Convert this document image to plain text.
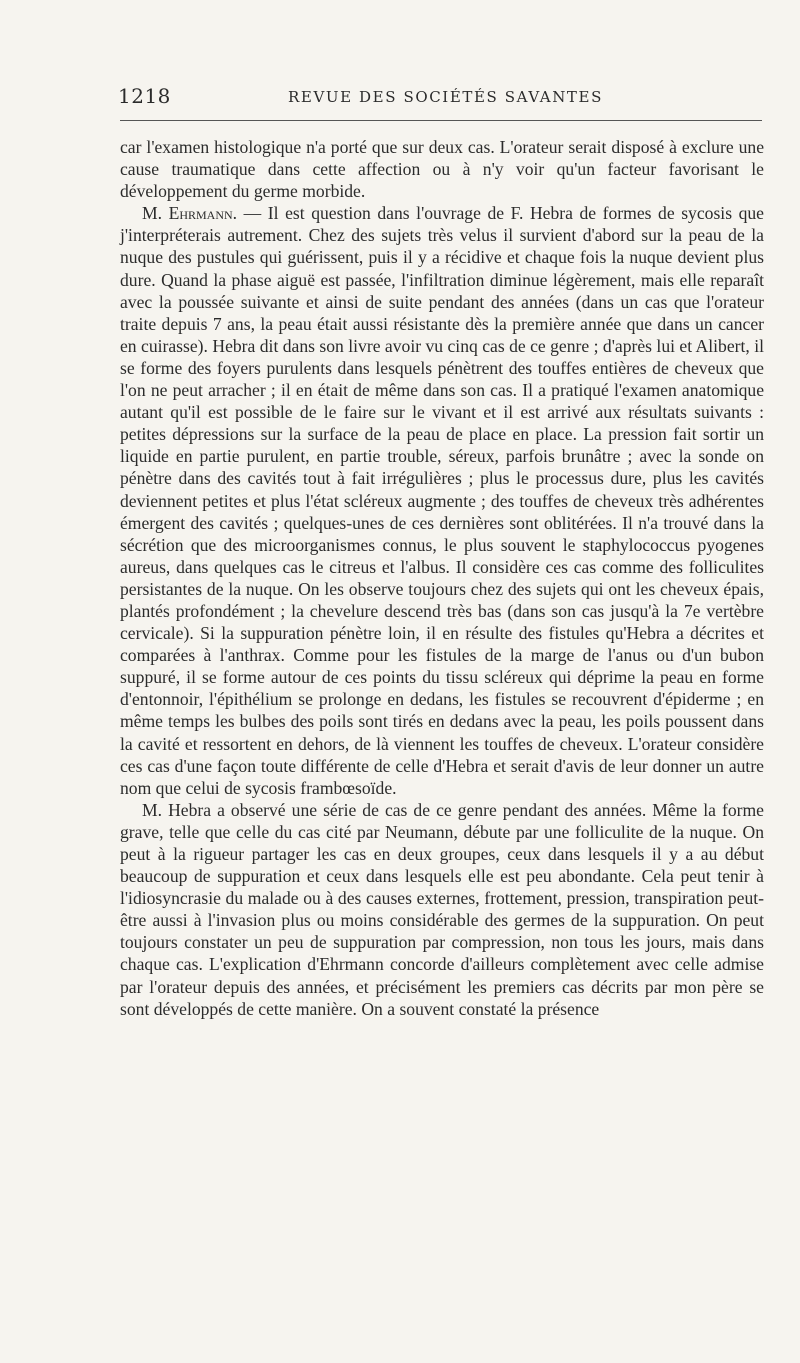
1218	REVUE DES SOCIÉTÉS SAVANTES

car l'examen histologique n'a porté que sur deux cas. L'orateur serait disposé à exclure une cause traumatique dans cette affection ou à n'y voir qu'un facteur favorisant le développement du germe morbide.

M. Ehrmann. — Il est question dans l'ouvrage de F. Hebra de formes de sycosis que j'interpréterais autrement. Chez des sujets très velus il survient d'abord sur la peau de la nuque des pustules qui guérissent, puis il y a récidive et chaque fois la nuque devient plus dure. Quand la phase aiguë est passée, l'infiltration diminue légèrement, mais elle reparaît avec la poussée suivante et ainsi de suite pendant des années (dans un cas que l'orateur traite depuis 7 ans, la peau était aussi résistante dès la première année que dans un cancer en cuirasse). Hebra dit dans son livre avoir vu cinq cas de ce genre ; d'après lui et Alibert, il se forme des foyers purulents dans lesquels pénètrent des touffes entières de cheveux que l'on ne peut arracher ; il en était de même dans son cas. Il a pratiqué l'examen anatomique autant qu'il est possible de le faire sur le vivant et il est arrivé aux résultats suivants : petites dépressions sur la surface de la peau de place en place. La pression fait sortir un liquide en partie purulent, en partie trouble, séreux, parfois brunâtre ; avec la sonde on pénètre dans des cavités tout à fait irrégulières ; plus le processus dure, plus les cavités deviennent petites et plus l'état scléreux augmente ; des touffes de cheveux très adhérentes émergent des cavités ; quelques-unes de ces dernières sont oblitérées. Il n'a trouvé dans la sécrétion que des microorganismes connus, le plus souvent le staphylococcus pyogenes aureus, dans quelques cas le citreus et l'albus. Il considère ces cas comme des folliculites persistantes de la nuque. On les observe toujours chez des sujets qui ont les cheveux épais, plantés profondément ; la chevelure descend très bas (dans son cas jusqu'à la 7e vertèbre cervicale). Si la suppuration pénètre loin, il en résulte des fistules qu'Hebra a décrites et comparées à l'anthrax. Comme pour les fistules de la marge de l'anus ou d'un bubon suppuré, il se forme autour de ces points du tissu scléreux qui déprime la peau en forme d'entonnoir, l'épithélium se prolonge en dedans, les fistules se recouvrent d'épiderme ; en même temps les bulbes des poils sont tirés en dedans avec la peau, les poils poussent dans la cavité et ressortent en dehors, de là viennent les touffes de cheveux. L'orateur considère ces cas d'une façon toute différente de celle d'Hebra et serait d'avis de leur donner un autre nom que celui de sycosis frambœsoïde.

M. Hebra a observé une série de cas de ce genre pendant des années. Même la forme grave, telle que celle du cas cité par Neumann, débute par une folliculite de la nuque. On peut à la rigueur partager les cas en deux groupes, ceux dans lesquels il y a au début beaucoup de suppuration et ceux dans lesquels elle est peu abondante. Cela peut tenir à l'idiosyncrasie du malade ou à des causes externes, frottement, pression, transpiration peut-être aussi à l'invasion plus ou moins considérable des germes de la suppuration. On peut toujours constater un peu de suppuration par compression, non tous les jours, mais dans chaque cas. L'explication d'Ehrmann concorde d'ailleurs complètement avec celle admise par l'orateur depuis des années, et précisément les premiers cas décrits par mon père se sont développés de cette manière. On a souvent constaté la présence
